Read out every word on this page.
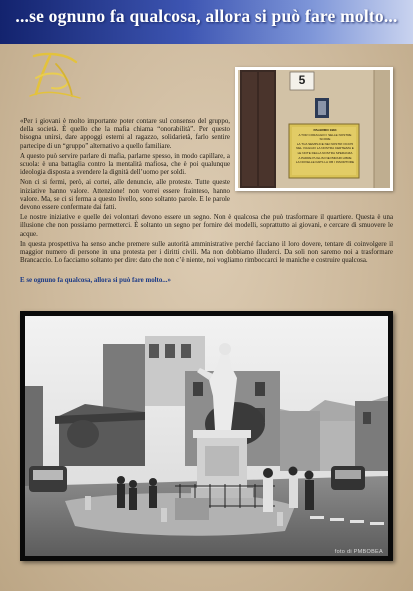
...se ognuno fa qualcosa, allora si può fare molto...
5
PALERMO 1984
A TOR CORAGGIO I SELLE NOSTRE SCORE
LA TUA SEMPLICE NEI NOSTRI OCCHI
NEL VIAGGIO LA NOSTRA CERTEZZA E
LE NOTE DELLA NOSTRA SPERANZA
A PADRE PUGLISI NEI BIRARI LIBRE
LA NOVELLE FAPS LA OB I INSORTORE

«Per i giovani è molto importante poter contare sul consenso del gruppo, della società. È quello che la mafia chiama “onorabilità”. Per questo bisogna unirsi, dare appoggi esterni al ragazzo, solidarietà, farlo sentire partecipe di un “gruppo” alternativo a quello familiare.

A questo può servire parlare di mafia, parlarne spesso, in modo capillare, a scuola: è una battaglia contro la mentalità mafiosa, che è poi qualunque ideologia disposta a svendere la dignità dell’uomo per soldi.

Non ci si fermi, però, ai cortei, alle denuncie, alle proteste. Tutte queste iniziative hanno valore. Attenzione! non vorrei essere frainteso, hanno valore. Ma, se ci si ferma a questo livello, sono soltanto parole. E le parole devono essere confermate dai fatti.

Le nostre iniziative e quelle dei volontari devono essere un segno. Non è qualcosa che può trasformare il quartiere. Questa è una illusione che non possiamo permetterci. È soltanto un segno per fornire dei modelli, soprattutto ai giovani, e cercare di smuovere le acque.

In questa prospettiva ha senso anche premere sulle autorità amministrative perché facciano il loro dovere, tentare di coinvolgere il maggior numero di persone in una protesta per i diritti civili. Ma non dobbiamo illuderci. Da soli non saremo noi a trasformare Brancaccio. Lo facciamo soltanto per dire: dato che non c’è niente, noi vogliamo rimboccarci le maniche e costruire qualcosa.

E se ognuno fa qualcosa, allora si può fare molto...»
foto di PMBOBEA
